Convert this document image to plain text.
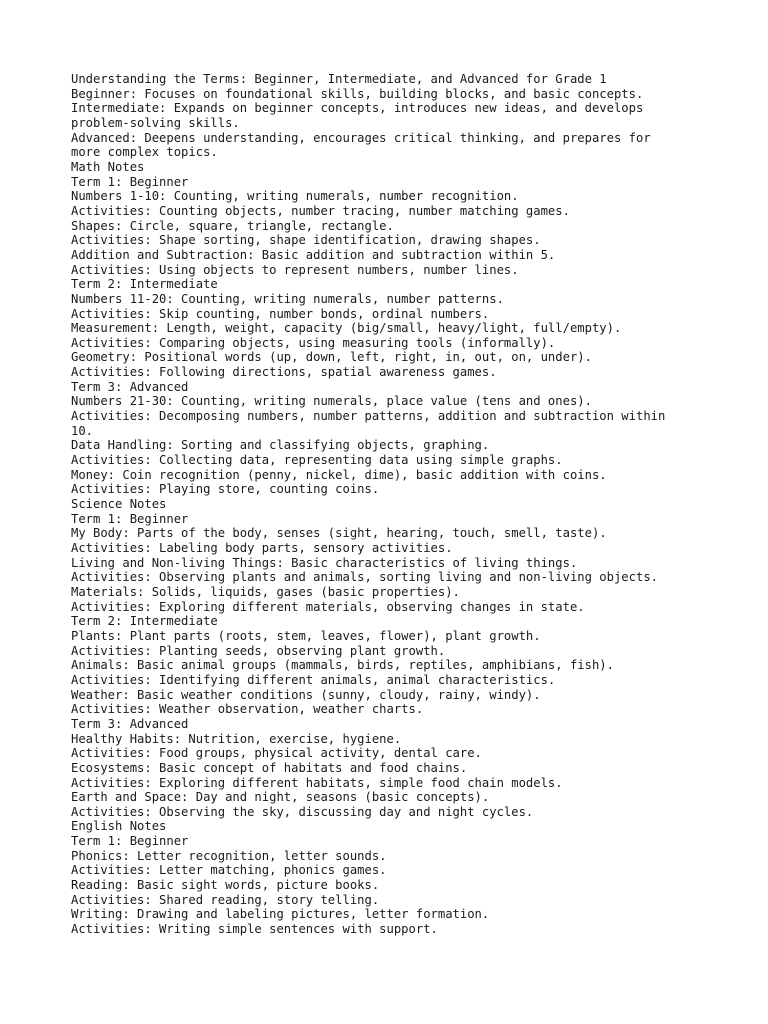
Understanding the Terms: Beginner, Intermediate, and Advanced for Grade 1
Beginner: Focuses on foundational skills, building blocks, and basic concepts.
Intermediate: Expands on beginner concepts, introduces new ideas, and develops
problem-solving skills.
Advanced: Deepens understanding, encourages critical thinking, and prepares for
more complex topics.
Math Notes
Term 1: Beginner
Numbers 1-10: Counting, writing numerals, number recognition.
Activities: Counting objects, number tracing, number matching games.
Shapes: Circle, square, triangle, rectangle.
Activities: Shape sorting, shape identification, drawing shapes.
Addition and Subtraction: Basic addition and subtraction within 5.
Activities: Using objects to represent numbers, number lines.
Term 2: Intermediate
Numbers 11-20: Counting, writing numerals, number patterns.
Activities: Skip counting, number bonds, ordinal numbers.
Measurement: Length, weight, capacity (big/small, heavy/light, full/empty).
Activities: Comparing objects, using measuring tools (informally).
Geometry: Positional words (up, down, left, right, in, out, on, under).
Activities: Following directions, spatial awareness games.
Term 3: Advanced
Numbers 21-30: Counting, writing numerals, place value (tens and ones).
Activities: Decomposing numbers, number patterns, addition and subtraction within
10.
Data Handling: Sorting and classifying objects, graphing.
Activities: Collecting data, representing data using simple graphs.
Money: Coin recognition (penny, nickel, dime), basic addition with coins.
Activities: Playing store, counting coins.
Science Notes
Term 1: Beginner
My Body: Parts of the body, senses (sight, hearing, touch, smell, taste).
Activities: Labeling body parts, sensory activities.
Living and Non-living Things: Basic characteristics of living things.
Activities: Observing plants and animals, sorting living and non-living objects.
Materials: Solids, liquids, gases (basic properties).
Activities: Exploring different materials, observing changes in state.
Term 2: Intermediate
Plants: Plant parts (roots, stem, leaves, flower), plant growth.
Activities: Planting seeds, observing plant growth.
Animals: Basic animal groups (mammals, birds, reptiles, amphibians, fish).
Activities: Identifying different animals, animal characteristics.
Weather: Basic weather conditions (sunny, cloudy, rainy, windy).
Activities: Weather observation, weather charts.
Term 3: Advanced
Healthy Habits: Nutrition, exercise, hygiene.
Activities: Food groups, physical activity, dental care.
Ecosystems: Basic concept of habitats and food chains.
Activities: Exploring different habitats, simple food chain models.
Earth and Space: Day and night, seasons (basic concepts).
Activities: Observing the sky, discussing day and night cycles.
English Notes
Term 1: Beginner
Phonics: Letter recognition, letter sounds.
Activities: Letter matching, phonics games.
Reading: Basic sight words, picture books.
Activities: Shared reading, story telling.
Writing: Drawing and labeling pictures, letter formation.
Activities: Writing simple sentences with support.
